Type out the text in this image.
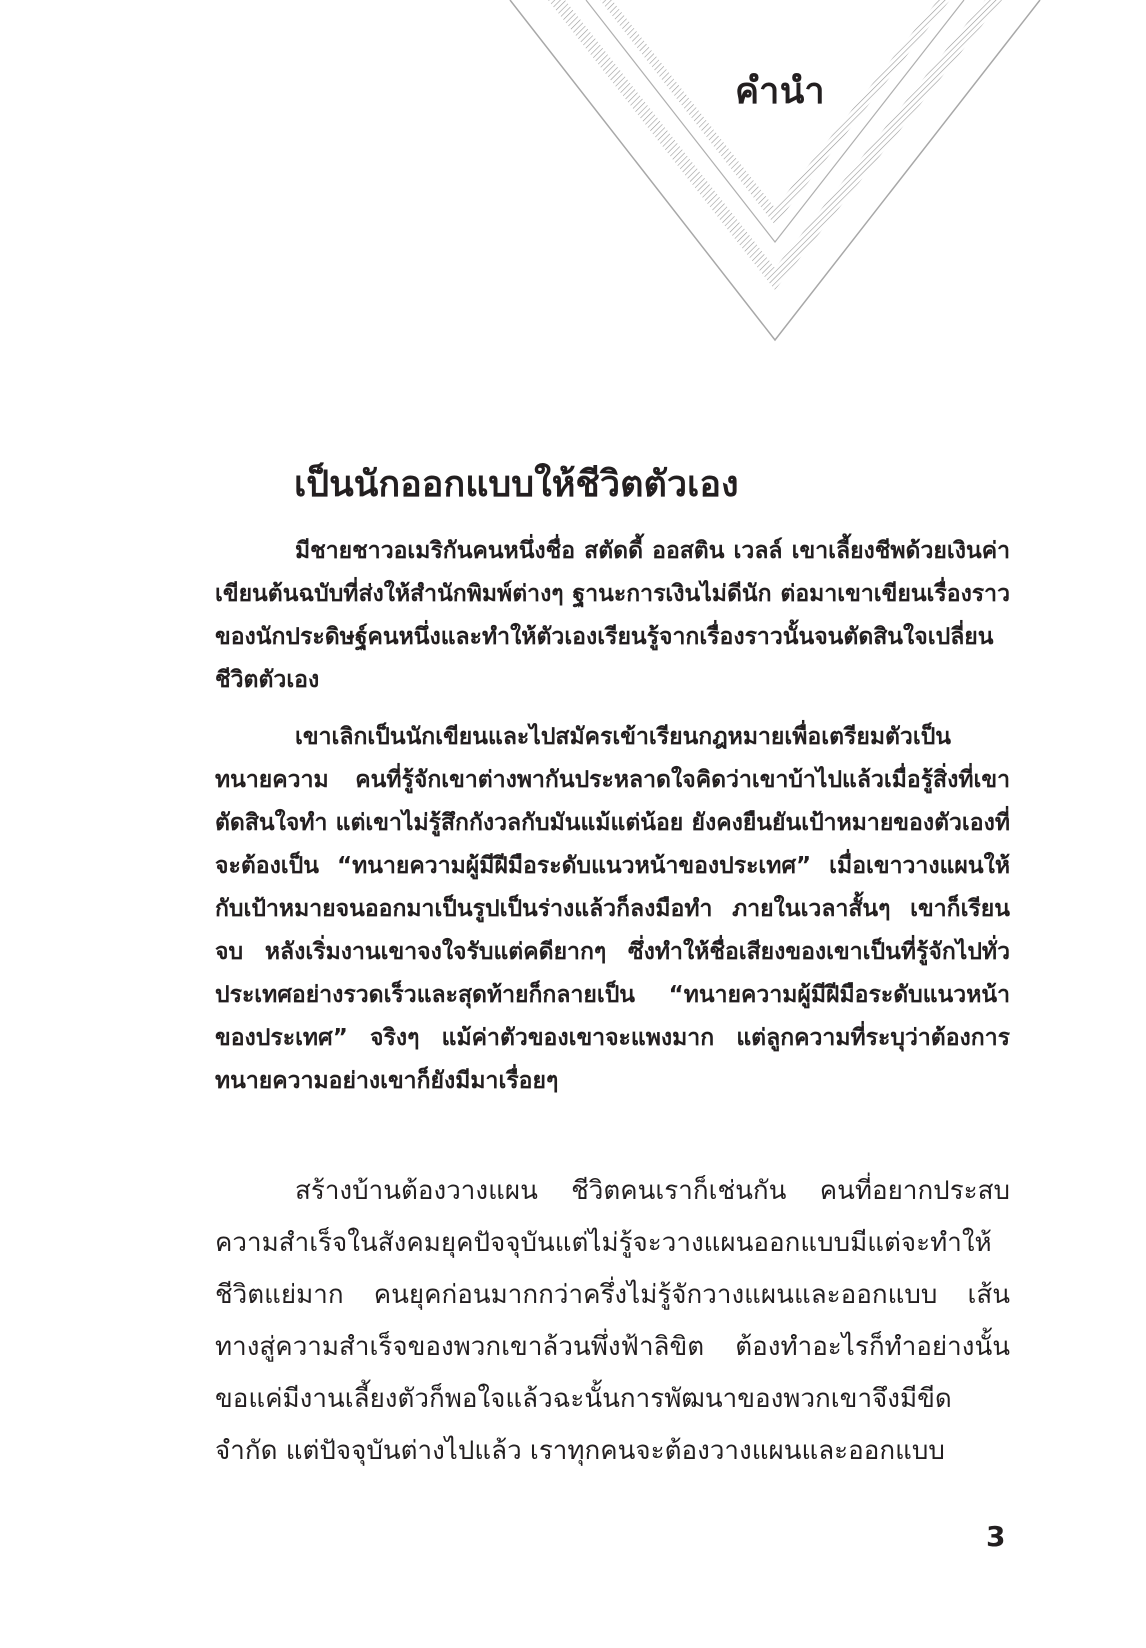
คำนำ
เป็นนักออกแบบให้ชีวิตตัวเอง

มีชายชาวอเมริกันคนหนึ่งชื่อ สตัดดี้ ออสติน เวลล์ เขาเลี้ยงชีพด้วยเงินค่าเขียนต้นฉบับที่ส่งให้สำนักพิมพ์ต่างๆ ฐานะการเงินไม่ดีนัก ต่อมาเขาเขียนเรื่องราวของนักประดิษฐ์คนหนึ่งและทำให้ตัวเองเรียนรู้จากเรื่องราวนั้นจนตัดสินใจเปลี่ยนชีวิตตัวเอง

เขาเลิกเป็นนักเขียนและไปสมัครเข้าเรียนกฎหมายเพื่อเตรียมตัวเป็นทนายความ คนที่รู้จักเขาต่างพากันประหลาดใจคิดว่าเขาบ้าไปแล้วเมื่อรู้สิ่งที่เขาตัดสินใจทำ แต่เขาไม่รู้สึกกังวลกับมันแม้แต่น้อย ยังคงยืนยันเป้าหมายของตัวเองที่จะต้องเป็น “ทนายความผู้มีฝีมือระดับแนวหน้าของประเทศ” เมื่อเขาวางแผนให้กับเป้าหมายจนออกมาเป็นรูปเป็นร่างแล้วก็ลงมือทำ ภายในเวลาสั้นๆ เขาก็เรียนจบ หลังเริ่มงานเขาจงใจรับแต่คดียากๆ ซึ่งทำให้ชื่อเสียงของเขาเป็นที่รู้จักไปทั่วประเทศอย่างรวดเร็วและสุดท้ายก็กลายเป็น “ทนายความผู้มีฝีมือระดับแนวหน้าของประเทศ” จริงๆ แม้ค่าตัวของเขาจะแพงมาก แต่ลูกความที่ระบุว่าต้องการทนายความอย่างเขาก็ยังมีมาเรื่อยๆ

สร้างบ้านต้องวางแผน ชีวิตคนเราก็เช่นกัน คนที่อยากประสบความสำเร็จในสังคมยุคปัจจุบันแต่ไม่รู้จะวางแผนออกแบบมีแต่จะทำให้ชีวิตแย่มาก คนยุคก่อนมากกว่าครึ่งไม่รู้จักวางแผนและออกแบบ เส้นทางสู่ความสำเร็จของพวกเขาล้วนพึ่งฟ้าลิขิต ต้องทำอะไรก็ทำอย่างนั้นขอแค่มีงานเลี้ยงตัวก็พอใจแล้วฉะนั้นการพัฒนาของพวกเขาจึงมีขีดจำกัด แต่ปัจจุบันต่างไปแล้ว เราทุกคนจะต้องวางแผนและออกแบบ

3
